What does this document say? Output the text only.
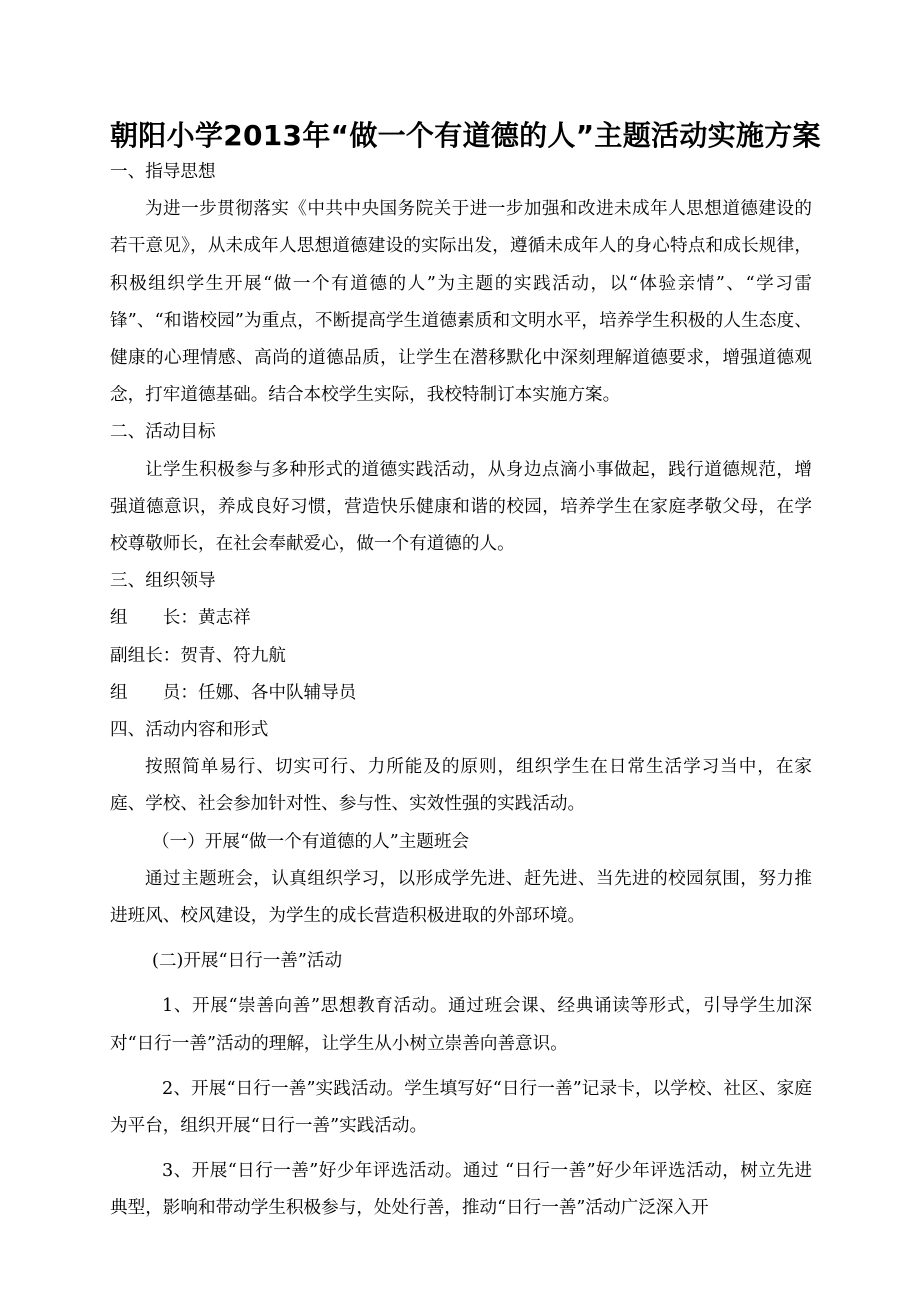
朝阳小学2013年“做一个有道德的人”主题活动实施方案

一、指导思想

为进一步贯彻落实《中共中央国务院关于进一步加强和改进未成年人思想道德建设的若干意见》，从未成年人思想道德建设的实际出发，遵循未成年人的身心特点和成长规律，积极组织学生开展“做一个有道德的人”为主题的实践活动，以“体验亲情”、“学习雷锋”、“和谐校园”为重点，不断提高学生道德素质和文明水平，培养学生积极的人生态度、健康的心理情感、高尚的道德品质，让学生在潜移默化中深刻理解道德要求，增强道德观念，打牢道德基础。结合本校学生实际，我校特制订本实施方案。

二、活动目标

让学生积极参与多种形式的道德实践活动，从身边点滴小事做起，践行道德规范，增强道德意识，养成良好习惯，营造快乐健康和谐的校园，培养学生在家庭孝敬父母，在学校尊敬师长，在社会奉献爱心，做一个有道德的人。

三、组织领导

组　　长：黄志祥

副组长：贺青、符九航

组　　员：任娜、各中队辅导员

四、活动内容和形式

按照简单易行、切实可行、力所能及的原则，组织学生在日常生活学习当中，在家庭、学校、社会参加针对性、参与性、实效性强的实践活动。

（一）开展“做一个有道德的人”主题班会

通过主题班会，认真组织学习，以形成学先进、赶先进、当先进的校园氛围，努力推进班风、校风建设，为学生的成长营造积极进取的外部环境。

(二)开展“日行一善”活动

1、开展“崇善向善”思想教育活动。通过班会课、经典诵读等形式，引导学生加深对“日行一善”活动的理解，让学生从小树立崇善向善意识。

2、开展“日行一善”实践活动。学生填写好“日行一善”记录卡，以学校、社区、家庭为平台，组织开展“日行一善”实践活动。

3、开展“日行一善”好少年评选活动。通过 “日行一善”好少年评选活动，树立先进典型，影响和带动学生积极参与，处处行善，推动“日行一善”活动广泛深入开
